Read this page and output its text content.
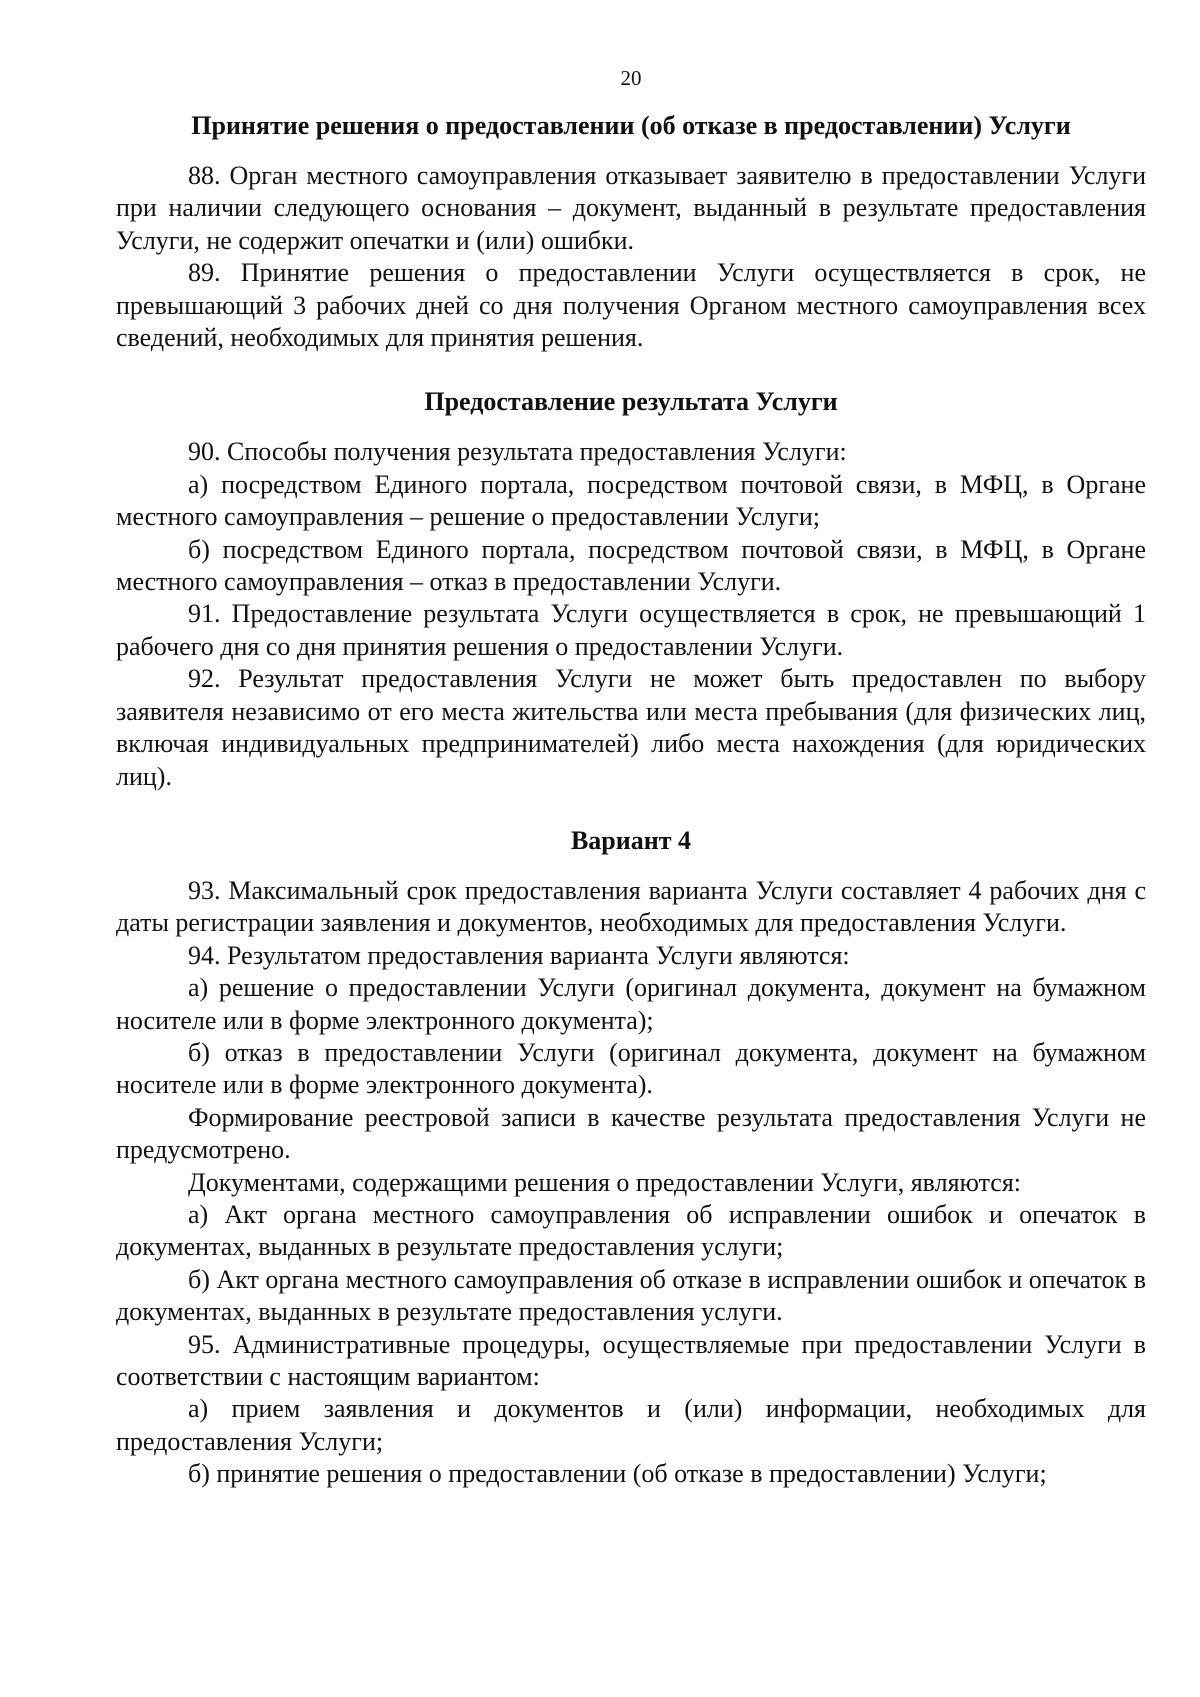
20
Принятие решения о предоставлении (об отказе в предоставлении) Услуги

88. Орган местного самоуправления отказывает заявителю в предоставлении Услуги при наличии следующего основания – документ, выданный в результате предоставления Услуги, не содержит опечатки и (или) ошибки.

89. Принятие решения о предоставлении Услуги осуществляется в срок, не превышающий 3 рабочих дней со дня получения Органом местного самоуправления всех сведений, необходимых для принятия решения.

Предоставление результата Услуги

90. Способы получения результата предоставления Услуги:

а) посредством Единого портала, посредством почтовой связи, в МФЦ, в Органе местного самоуправления – решение о предоставлении Услуги;

б) посредством Единого портала, посредством почтовой связи, в МФЦ, в Органе местного самоуправления – отказ в предоставлении Услуги.

91. Предоставление результата Услуги осуществляется в срок, не превышающий 1 рабочего дня со дня принятия решения о предоставлении Услуги.

92. Результат предоставления Услуги не может быть предоставлен по выбору заявителя независимо от его места жительства или места пребывания (для физических лиц, включая индивидуальных предпринимателей) либо места нахождения (для юридических лиц).

Вариант 4

93. Максимальный срок предоставления варианта Услуги составляет 4 рабочих дня с даты регистрации заявления и документов, необходимых для предоставления Услуги.

94. Результатом предоставления варианта Услуги являются:

а) решение о предоставлении Услуги (оригинал документа, документ на бумажном носителе или в форме электронного документа);

б) отказ в предоставлении Услуги (оригинал документа, документ на бумажном носителе или в форме электронного документа).

Формирование реестровой записи в качестве результата предоставления Услуги не предусмотрено.

Документами, содержащими решения о предоставлении Услуги, являются:

а) Акт органа местного самоуправления об исправлении ошибок и опечаток в документах, выданных в результате предоставления услуги;

б) Акт органа местного самоуправления об отказе в исправлении ошибок и опечаток в документах, выданных в результате предоставления услуги.

95. Административные процедуры, осуществляемые при предоставлении Услуги в соответствии с настоящим вариантом:

а) прием заявления и документов и (или) информации, необходимых для предоставления Услуги;

б) принятие решения о предоставлении (об отказе в предоставлении) Услуги;
